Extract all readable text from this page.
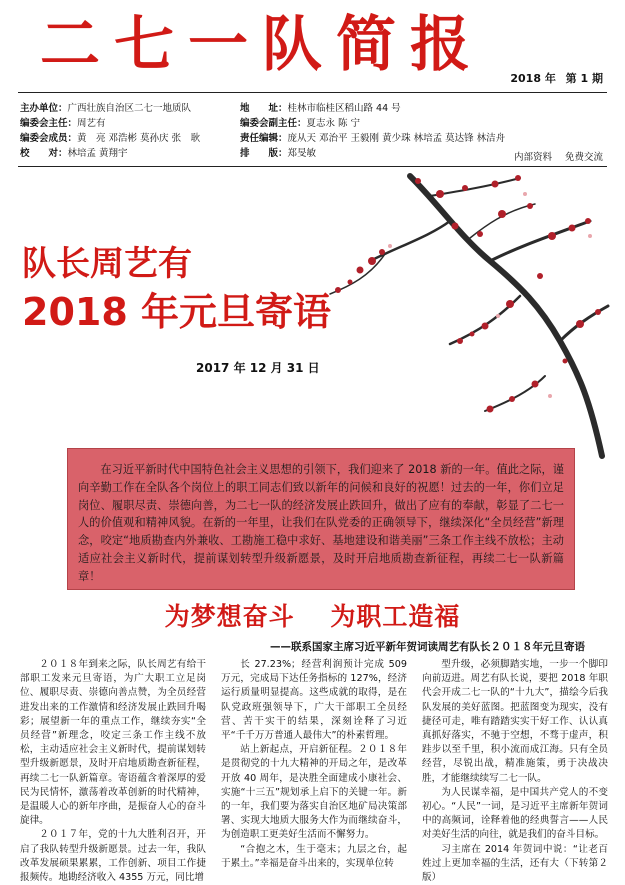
二七一队简报	2018 年 第 1 期
主办单位：广西壮族自治区二七一地质队
编委会主任：周艺有
编委会成员：黄　亮 邓浩彬 莫孙庆 张　耿
校　　对：林培孟 黄翔宇
地　　址：桂林市临桂区稻山路 44 号
编委会副主任：夏志永 陈 宁
责任编辑：庞从天 邓治平 王毅刚 黄少珠 林培孟 莫达锋 林洁舟
排　　版：郑旻敏	内部资料 免费交流
队长周艺有
2018 年元旦寄语
2017 年 12 月 31 日
在习近平新时代中国特色社会主义思想的引领下，我们迎来了 2018 新的一年。值此之际，谨向辛勤工作在全队各个岗位上的职工同志们致以新年的问候和良好的祝愿！过去的一年，你们立足岗位、履职尽责、崇德向善，为二七一队的经济发展止跌回升，做出了应有的奉献，彰显了二七一人的价值观和精神风貌。在新的一年里，让我们在队党委的正确领导下，继续深化“全员经营”新理念，咬定“地质勘查内外兼收、工勘施工稳中求好、基地建设和谐美丽”三条工作主线不放松；主动适应社会主义新时代，提前谋划转型升级新愿景，及时开启地质勘查新征程，再续二七一队新篇章！
为梦想奋斗 为职工造福
——联系国家主席习近平新年贺词读周艺有队长２０１８年元旦寄语

２０１８年到来之际，队长周艺有给干部职工发来元旦寄语，为广大职工立足岗位、履职尽责、崇德向善点赞，为全员经营进发出来的工作激情和经济发展止跌回升喝彩；展望新一年的重点工作，继续夯实“全员经营”新理念，咬定三条工作主线不放松，主动适应社会主义新时代，提前谋划转型升级新愿景，及时开启地质勘查新征程，再续二七一队新篇章。寄语蕴含着深厚的爱民为民情怀，激荡着改革创新的时代精神，是温暖人心的新年序曲，是振奋人心的奋斗旋律。

２０１７年，党的十九大胜利召开，开启了我队转型升级新愿景。过去一年，我队改革发展硕果累累，工作创新、项目工作捷报频传。地勘经济收入 4355 万元，同比增

长 27.23%；经营利润预计完成 509 万元，完成局下达任务指标的 127%，经济运行质量明显提高。这些成就的取得，是在队党政班强领导下，广大干部职工全员经营、苦干实干的结果，深刻诠释了习近平“千千万万普通人最伟大”的朴素哲理。

站上新起点，开启新征程。２０１８年是贯彻党的十九大精神的开局之年，是改革开放 40 周年，是决胜全面建成小康社会、实施“十三五”规划承上启下的关键一年。新的一年，我们要为落实自治区地矿局决策部署、实现大地质大服务大作为而继续奋斗，为创造职工更美好生活而不懈努力。

“合抱之木，生于毫末；九层之台，起于累土。”幸福是奋斗出来的，实现单位转

型升级，必须脚踏实地，一步一个脚印向前迈进。周艺有队长说，要把 2018 年职代会开成二七一队的“十九大”，描绘今后我队发展的美好蓝图。把蓝图变为现实，没有捷径可走，唯有踏踏实实干好工作、认认真真抓好落实，不驰于空想，不骛于虚声，积跬步以至千里，积小流而成江海。只有全员经营，尽锐出战，精准施策，勇于决战决胜，才能继续续写二七一队。

为人民谋幸福，是中国共产党人的不变初心。“人民”一词，是习近平主席新年贺词中的高频词，诠释着他的经典誓言——人民对美好生活的向往，就是我们的奋斗目标。

习主席在 2014 年贺词中说：“让老百姓过上更加幸福的生活，还有大（下转第２版）
